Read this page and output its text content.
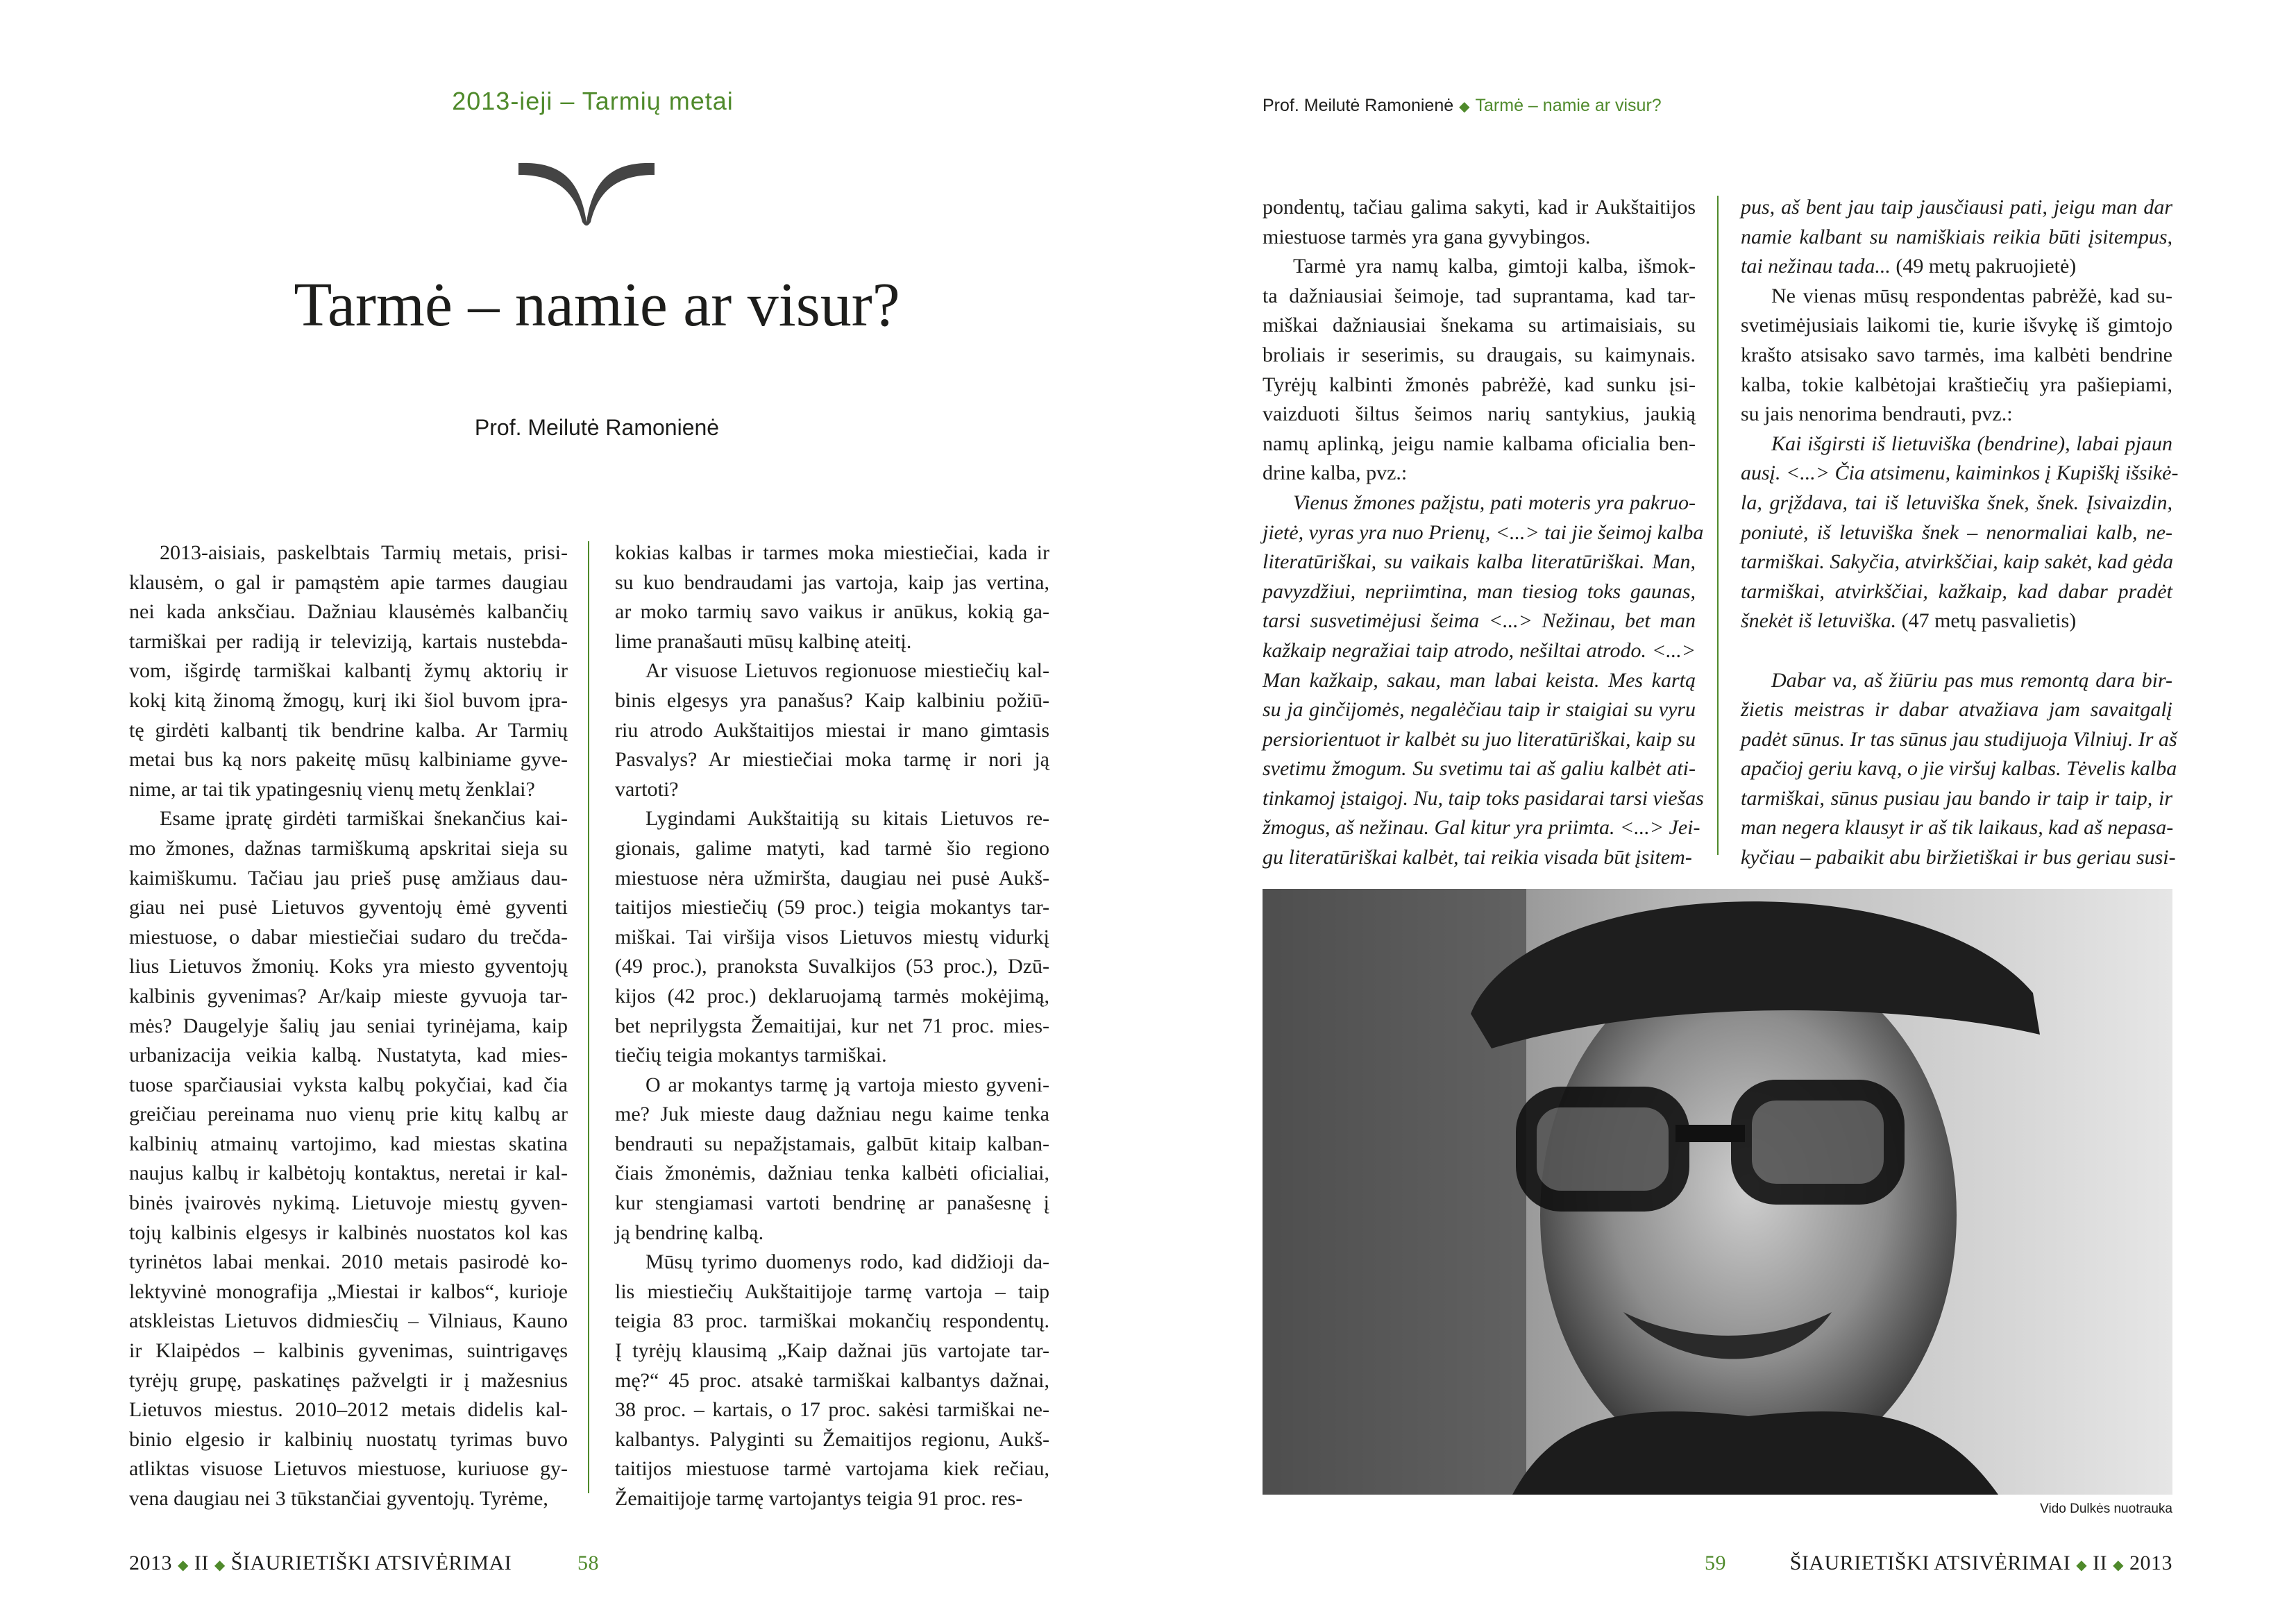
2013-ieji – Tarmių metai
Tarmė – namie ar visur?
Prof. Meilutė Ramonienė
2013-aisiais, paskelbtais Tarmių metais, prisi-
klausėm, o gal ir pamąstėm apie tarmes daugiau
nei kada anksčiau. Dažniau klausėmės kalbančių
tarmiškai per radiją ir televiziją, kartais nustebda-
vom, išgirdę tarmiškai kalbantį žymų aktorių ir
kokį kitą žinomą žmogų, kurį iki šiol buvom įpra-
tę girdėti kalbantį tik bendrine kalba. Ar Tarmių
metai bus ką nors pakeitę mūsų kalbiniame gyve-
nime, ar tai tik ypatingesnių vienų metų ženklai?
Esame įpratę girdėti tarmiškai šnekančius kai-
mo žmones, dažnas tarmiškumą apskritai sieja su
kaimiškumu. Tačiau jau prieš pusę amžiaus dau-
giau nei pusė Lietuvos gyventojų ėmė gyventi
miestuose, o dabar miestiečiai sudaro du trečda-
lius Lietuvos žmonių. Koks yra miesto gyventojų
kalbinis gyvenimas? Ar/kaip mieste gyvuoja tar-
mės? Daugelyje šalių jau seniai tyrinėjama, kaip
urbanizacija veikia kalbą. Nustatyta, kad mies-
tuose sparčiausiai vyksta kalbų pokyčiai, kad čia
greičiau pereinama nuo vienų prie kitų kalbų ar
kalbinių atmainų vartojimo, kad miestas skatina
naujus kalbų ir kalbėtojų kontaktus, neretai ir kal-
binės įvairovės nykimą. Lietuvoje miestų gyven-
tojų kalbinis elgesys ir kalbinės nuostatos kol kas
tyrinėtos labai menkai. 2010 metais pasirodė ko-
lektyvinė monografija „Miestai ir kalbos“, kurioje
atskleistas Lietuvos didmiesčių – Vilniaus, Kauno
ir Klaipėdos – kalbinis gyvenimas, suintrigavęs
tyrėjų grupę, paskatinęs pažvelgti ir į mažesnius
Lietuvos miestus. 2010–2012 metais didelis kal-
binio elgesio ir kalbinių nuostatų tyrimas buvo
atliktas visuose Lietuvos miestuose, kuriuose gy-
vena daugiau nei 3 tūkstančiai gyventojų. Tyrėme,
kokias kalbas ir tarmes moka miestiečiai, kada ir
su kuo bendraudami jas vartoja, kaip jas vertina,
ar moko tarmių savo vaikus ir anūkus, kokią ga-
lime pranašauti mūsų kalbinę ateitį.
Ar visuose Lietuvos regionuose miestiečių kal-
binis elgesys yra panašus? Kaip kalbiniu požiū-
riu atrodo Aukštaitijos miestai ir mano gimtasis
Pasvalys? Ar miestiečiai moka tarmę ir nori ją
vartoti?
Lygindami Aukštaitiją su kitais Lietuvos re-
gionais, galime matyti, kad tarmė šio regiono
miestuose nėra užmiršta, daugiau nei pusė Aukš-
taitijos miestiečių (59 proc.) teigia mokantys tar-
miškai. Tai viršija visos Lietuvos miestų vidurkį
(49 proc.), pranoksta Suvalkijos (53 proc.), Dzū-
kijos (42 proc.) deklaruojamą tarmės mokėjimą,
bet neprilygsta Žemaitijai, kur net 71 proc. mies-
tiečių teigia mokantys tarmiškai.
O ar mokantys tarmę ją vartoja miesto gyveni-
me? Juk mieste daug dažniau negu kaime tenka
bendrauti su nepažįstamais, galbūt kitaip kalban-
čiais žmonėmis, dažniau tenka kalbėti oficialiai,
kur stengiamasi vartoti bendrinę ar panašesnę į
ją bendrinę kalbą.
Mūsų tyrimo duomenys rodo, kad didžioji da-
lis miestiečių Aukštaitijoje tarmę vartoja – taip
teigia 83 proc. tarmiškai mokančių respondentų.
Į tyrėjų klausimą „Kaip dažnai jūs vartojate tar-
mę?“ 45 proc. atsakė tarmiškai kalbantys dažnai,
38 proc. – kartais, o 17 proc. sakėsi tarmiškai ne-
kalbantys. Palyginti su Žemaitijos regionu, Aukš-
taitijos miestuose tarmė vartojama kiek rečiau,
Žemaitijoje tarmę vartojantys teigia 91 proc. res-
2013 ◆ II ◆ ŠIAURIETIŠKI ATSIVĖRIMAI	58
Prof. Meilutė Ramonienė ◆ Tarmė – namie ar visur?
pondentų, tačiau galima sakyti, kad ir Aukštaitijos
miestuose tarmės yra gana gyvybingos.
Tarmė yra namų kalba, gimtoji kalba, išmok-
ta dažniausiai šeimoje, tad suprantama, kad tar-
miškai dažniausiai šnekama su artimaisiais, su
broliais ir seserimis, su draugais, su kaimynais.
Tyrėjų kalbinti žmonės pabrėžė, kad sunku įsi-
vaizduoti šiltus šeimos narių santykius, jaukią
namų aplinką, jeigu namie kalbama oficialia ben-
drine kalba, pvz.:
Vienus žmones pažįstu, pati moteris yra pakruo-
jietė, vyras yra nuo Prienų, <...> tai jie šeimoj kalba
literatūriškai, su vaikais kalba literatūriškai. Man,
pavyzdžiui, nepriimtina, man tiesiog toks gaunas,
tarsi susvetimėjusi šeima <...> Nežinau, bet man
kažkaip negražiai taip atrodo, nešiltai atrodo. <...>
Man kažkaip, sakau, man labai keista. Mes kartą
su ja ginčijomės, negalėčiau taip ir staigiai su vyru
persiorientuot ir kalbėt su juo literatūriškai, kaip su
svetimu žmogum. Su svetimu tai aš galiu kalbėt ati-
tinkamoj įstaigoj. Nu, taip toks pasidarai tarsi viešas
žmogus, aš nežinau. Gal kitur yra priimta. <...> Jei-
gu literatūriškai kalbėt, tai reikia visada būt įsitem-
pus, aš bent jau taip jausčiausi pati, jeigu man dar
namie kalbant su namiškiais reikia būti įsitempus,
tai nežinau tada... (49 metų pakruojietė)
Ne vienas mūsų respondentas pabrėžė, kad su-
svetimėjusiais laikomi tie, kurie išvykę iš gimtojo
krašto atsisako savo tarmės, ima kalbėti bendrine
kalba, tokie kalbėtojai kraštiečių yra pašiepiami,
su jais nenorima bendrauti, pvz.:
Kai išgirsti iš lietuviška (bendrine), labai pjaun
ausį. <...> Čia atsimenu, kaiminkos į Kupiškį išsikė-
la, grįždava, tai iš letuviška šnek, šnek. Įsivaizdin,
poniutė, iš letuviška šnek – nenormaliai kalb, ne-
tarmiškai. Sakyčia, atvirkščiai, kaip sakėt, kad gėda
tarmiškai, atvirkščiai, kažkaip, kad dabar pradėt
šnekėt iš letuviška. (47 metų pasvalietis)
Dabar va, aš žiūriu pas mus remontą dara bir-
žietis meistras ir dabar atvažiava jam savaitgalį
padėt sūnus. Ir tas sūnus jau studijuoja Vilniuj. Ir aš
apačioj geriu kavą, o jie viršuj kalbas. Tėvelis kalba
tarmiškai, sūnus pusiau jau bando ir taip ir taip, ir
man negera klausyt ir aš tik laikaus, kad aš nepasa-
kyčiau – pabaikit abu biržietiškai ir bus geriau susi-
Vido Dulkės nuotrauka
59	ŠIAURIETIŠKI ATSIVĖRIMAI ◆ II ◆ 2013
